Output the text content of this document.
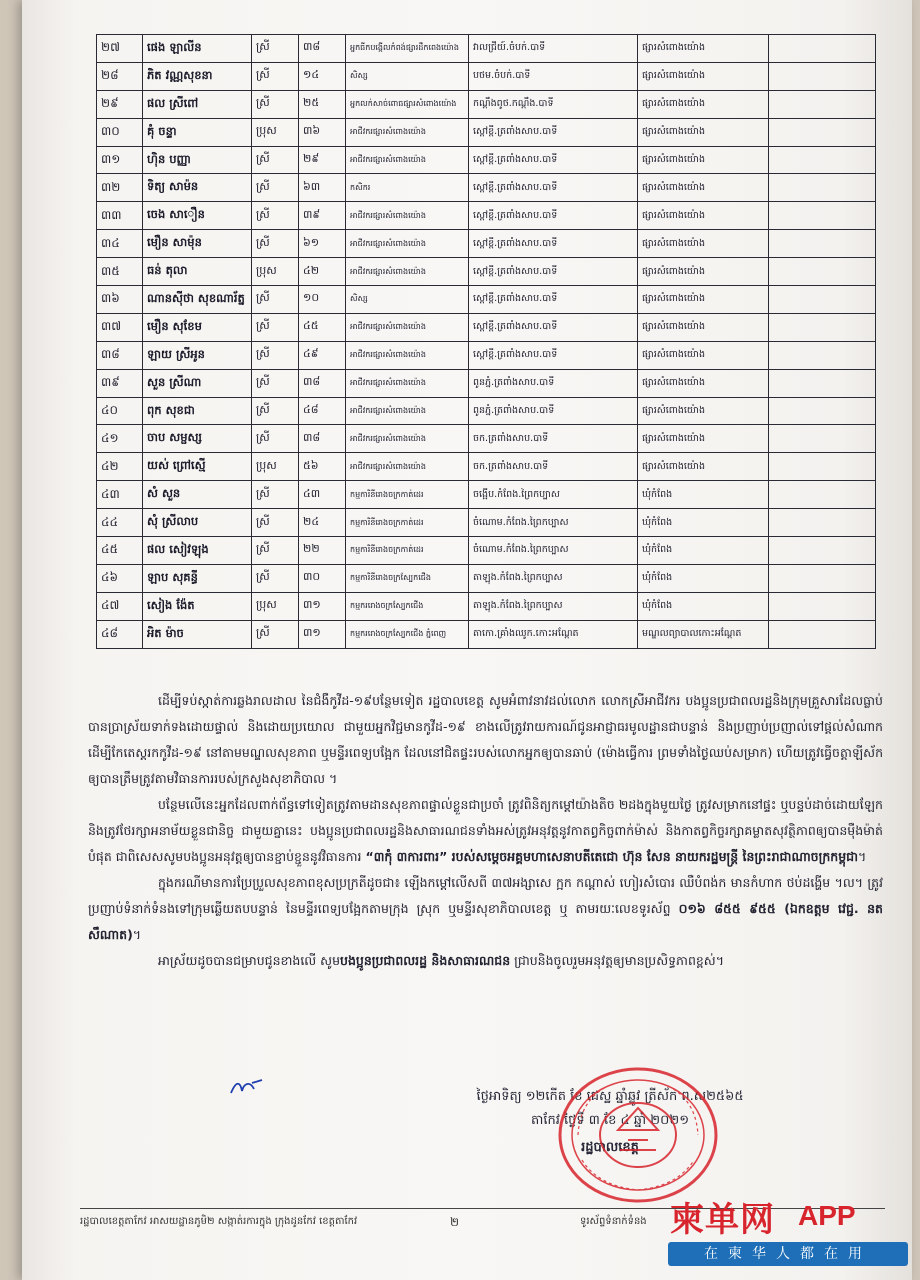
២៧	ផេង ឡាលីន	ស្រី	៣៨	អ្នកធីកបង្កើលកំពង់ផ្សារដឹកពេងយ៉ោង	វាលជ្រីយ៍.ចំបក់.បាទី	ផ្សារសំពោងយ៉ោង	
២៨	ភិត វណ្ណសុខនា	ស្រី	១៤	សិស្ស	បថម.ចំបក់.បាទី	ផ្សារសំពោងយ៉ោង	
២៩	ផល ស្រីពៅ	ស្រី	២៥	អ្នកលក់សាច់ពោធផ្សារសំពោងយ៉ោង	កណ្ដឹងពូថ.កណ្ដឹង.បាទី	ផ្សារសំពោងយ៉ោង	
៣០	គុំ ចន្ទា	ប្រុស	៣៦	អាជីវករផ្សារសំពោងយ៉ោង	ស្ពៅខ្ពី.ត្រពាំងសាប.បាទី	ផ្សារសំពោងយ៉ោង	
៣១	ហ៊ិន បញ្ញា	ស្រី	២៩	អាជីវករផ្សារសំពោងយ៉ោង	ស្ពៅខ្ពី.ត្រពាំងសាប.បាទី	ផ្សារសំពោងយ៉ោង	
៣២	ទិត្យ សាម៉ន	ស្រី	៦៣	កសិករ	ស្ពៅខ្ពី.ត្រពាំងសាប.បាទី	ផ្សារសំពោងយ៉ោង	
៣៣	ចេង សាឿន	ស្រី	៣៩	អាជីវករផ្សារសំពោងយ៉ោង	ស្ពៅខ្ពី.ត្រពាំងសាប.បាទី	ផ្សារសំពោងយ៉ោង	
៣៤	មឿន សាម៉ុន	ស្រី	៦១	អាជីវករផ្សារសំពោងយ៉ោង	ស្ពៅខ្ពី.ត្រពាំងសាប.បាទី	ផ្សារសំពោងយ៉ោង	
៣៥	ធន់ តុលា	ប្រុស	៤២	អាជីវករផ្សារសំពោងយ៉ោង	ស្ពៅខ្ពី.ត្រពាំងសាប.បាទី	ផ្សារសំពោងយ៉ោង	
៣៦	ណានស៊ីថា សុខណារ័ត្ន	ស្រី	១០	សិស្ស	ស្ពៅខ្ពី.ត្រពាំងសាប.បាទី	ផ្សារសំពោងយ៉ោង	
៣៧	មឿន សុខែម	ស្រី	៤៥	អាជីវករផ្សារសំពោងយ៉ោង	ស្ពៅខ្ពី.ត្រពាំងសាប.បាទី	ផ្សារសំពោងយ៉ោង	
៣៨	ឡាយ ស្រីអូន	ស្រី	៤៩	អាជីវករផ្សារសំពោងយ៉ោង	ស្ពៅខ្ពី.ត្រពាំងសាប.បាទី	ផ្សារសំពោងយ៉ោង	
៣៩	សួន ស្រីណា	ស្រី	៣៨	អាជីវករផ្សារសំពោងយ៉ោង	ពូនភ្នំ.ត្រពាំងសាប.បាទី	ផ្សារសំពោងយ៉ោង	
៤០	ពុក សុខជា	ស្រី	៤៨	អាជីវករផ្សារសំពោងយ៉ោង	ពូនភ្នំ.ត្រពាំងសាប.បាទី	ផ្សារសំពោងយ៉ោង	
៤១	ចាប សម្ផស្ស	ស្រី	៣៨	អាជីវករផ្សារសំពោងយ៉ោង	ចក.ត្រពាំងសាប.បាទី	ផ្សារសំពោងយ៉ោង	
៤២	យស់ ព្រៅស្មើ	ប្រុស	៥៦	អាជីវករផ្សារសំពោងយ៉ោង	ចក.ត្រពាំងសាប.បាទី	ផ្សារសំពោងយ៉ោង	
៤៣	សំ សួន	ស្រី	៤៣	កម្មការិនីរោងចក្រកាត់ដេរ	ចង្អើប.កំពែង.ព្រៃកប្បាស	ឃុំកំពែង	
៤៤	សុំ ស្រីលាប	ស្រី	២៤	កម្មការិនីរោងចក្រកាត់ដេរ	ចំណោម.កំពែង.ព្រៃកប្បាស	ឃុំកំពែង	
៤៥	ផល សៀវឡុង	ស្រី	២២	កម្មការិនីរោងចក្រកាត់ដេរ	ចំណោម.កំពែង.ព្រៃកប្បាស	ឃុំកំពែង	
៤៦	ឡាប សុគន្ធី	ស្រី	៣០	កម្មការិនីរោងចក្រស្បែកជើង	តាឡុង.កំពែង.ព្រៃកប្បាស	ឃុំកំពែង	
៤៧	សៀង ង៉ែត	ប្រុស	៣១	កម្មកររោងចក្រស្បែកជើង	តាឡុង.កំពែង.ព្រៃកប្បាស	ឃុំកំពែង	
៤៨	អិត ម៉ាច	ស្រី	៣១	កម្មកររោងចក្រស្បែកជើង ភ្នំពេញ	តាកោ.គ្រាំងឈូក.កោះអណ្ដែត	មណ្ឌលព្យាបាលកោះអណ្ដែត	

ដើម្បីទប់ស្កាត់ការឆ្លងរាលដាល នៃជំងឺកូវីដ-១៩បន្ថែមទៀត រដ្ឋបាលខេត្ត សូមអំពាវនាវដល់លោក លោកស្រីអាជីវករ បងប្អូនប្រជាពលរដ្ឋនិងក្រុមគ្រួសារដែលធ្លាប់បានប្រាស្រ័យទាក់ទងដោយផ្ទាល់ និងដោយប្រយោល ជាមួយអ្នកវិជ្ជមានកូវីដ-១៩ ខាងលើត្រូវរាយការណ៍ជូនអាជ្ញាធរមូលដ្ឋានជាបន្ទាន់ និងប្រញាប់ប្រញាល់ទៅផ្ដល់សំណាក ដើម្បីកែតេស្តរកកូវីដ-១៩ នៅតាមមណ្ឌលសុខភាព ឬមន្ទីរពេទ្យបង្អែក ដែលនៅជិតផ្ទះរបស់លោកអ្នកឲ្យបានឆាប់ (ម៉ោងធ្វើការ ព្រមទាំងថ្ងៃឈប់សម្រាក) ហើយត្រូវធ្វើចត្តាឡីស័កឲ្យបានត្រឹមត្រូវតាមវិធានការរបស់ក្រសួងសុខាភិបាល ។

បន្ថែមលើនេះអ្នកដែលពាក់ព័ន្ធទៅទៀតត្រូវតាមដានសុខភាពផ្ទាល់ខ្លួនជាប្រចាំ ត្រូវពិនិត្យកម្ដៅយ៉ាងតិច ២ដងក្នុងមួយថ្ងៃ ត្រូវសម្រាកនៅផ្ទះ ឬបន្ទប់ដាច់ដោយឡែក និងត្រូវថែរក្សាអនាម័យខ្លួនជានិច្ច ជាមួយគ្នានេះ បងប្អូនប្រជាពលរដ្ឋនិងសាធារណជនទាំងអស់ត្រូវអនុវត្តនូវកាតព្វកិច្ចពាក់ម៉ាស់ និងកាតព្វកិច្ចរក្សាគម្លាតសុវត្ថិភាពឲ្យបានម៉ឺងម៉ាត់បំផុត ជាពិសេសសូមបងប្អូនអនុវត្តឲ្យបានខ្ជាប់ខ្ជួននូវវិធានការ “៣កុំ ៣ការពារ” របស់សម្តេចអគ្គមហាសេនាបតីតេជោ ហ៊ុន សែន នាយករដ្ឋមន្ត្រី នៃព្រះរាជាណាចក្រកម្ពុជា។

ក្នុងករណីមានការប្រែប្រួលសុខភាពខុសប្រក្រតីដូចជា៖ ឡើងកម្ដៅលើសពី ៣៧អង្សាសេ ក្អក កណ្ដាស់ ហៀរសំបោរ ឈឺបំពង់ក មានកំហាក ថប់ដង្ហើម ។ល។ ត្រូវប្រញាប់ទំនាក់ទំនងទៅក្រុមឆ្លើយតបបន្ទាន់ នៃមន្ទីរពេទ្យបង្អែកតាមក្រុង ស្រុក ឬមន្ទីរសុខាភិបាលខេត្ត ឬ តាមរយៈលេខទូរស័ព្ទ ០១៦ ៨៥៥ ៩៥៥ (ឯកឧត្តម វេជ្ជ. នត សឹណាត)។

អាស្រ័យដូចបានជម្រាបជូនខាងលើ សូមបងប្អូនប្រជាពលរដ្ឋ និងសាធារណជន ជ្រាបនិងចូលរួមអនុវត្តឲ្យមានប្រសិទ្ធភាពខ្ពស់។

ថ្ងៃអាទិត្យ ១២កើត ខែ ជេស្ឋ ឆ្នាំឆ្លូវ ត្រីស័ក ព.ស២៥៦៥
តាកែវ ថ្ងៃទី ៣ ខែ ៤ ឆ្នាំ ២០២១
រដ្ឋបាលខេត្ត
រដ្ឋបាលខេត្តតាកែវ អាសយដ្ឋានភូមិ២ សង្កាត់រការក្នុង ក្រុងដូនកែវ ខេត្តតាកែវ	២	ទូរស័ព្ទទំនាក់ទំនង 柬单网 APP
在柬华人都在用
